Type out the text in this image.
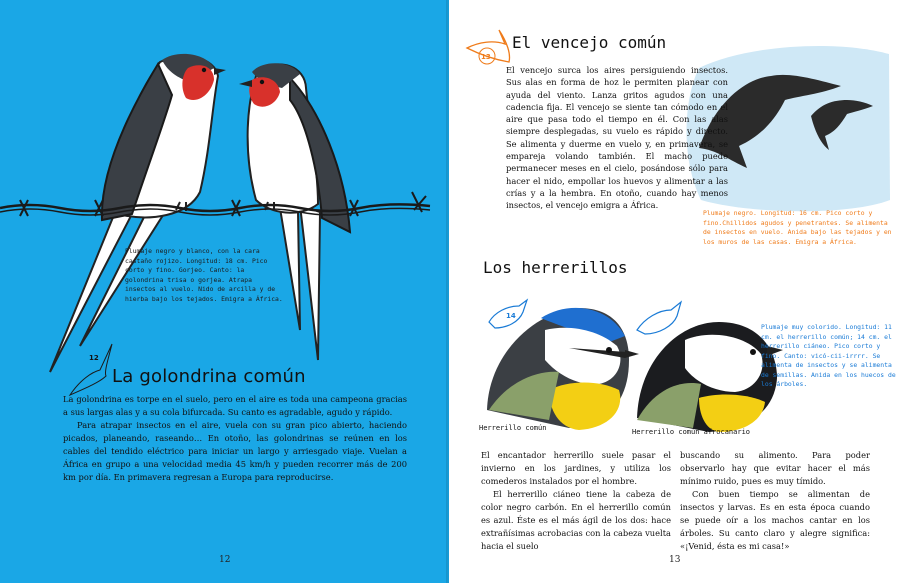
Plumaje negro y blanco, con la cara castaño rojizo. Longitud: 18 cm. Pico corto y fino. Gorjeo. Canto: la golondrina trisa o gorjea. Atrapa insectos al vuelo. Nido de arcilla y de hierba bajo los tejados. Emigra a África.
12
La golondrina común

La golondrina es torpe en el suelo, pero en el aire es toda una campeona gracias a sus largas alas y a su cola bifurcada. Su canto es agradable, agudo y rápido.

Para atrapar insectos en el aire, vuela con su gran pico abierto, haciendo picados, planeando, raseando… En otoño, las golondrinas se reúnen en los cables del tendido eléctrico para iniciar un largo y arriesgado viaje. Vuelan a África en grupo a una velocidad media 45 km/h y pueden recorrer más de 200 km por día. En primavera regresan a Europa para reproducirse.

12
13
El vencejo común

El vencejo surca los aires persiguiendo insectos. Sus alas en forma de hoz le permiten planear con ayuda del viento. Lanza gritos agudos con una cadencia fija. El vencejo se siente tan cómodo en el aire que pasa todo el tiempo en él. Con las alas siempre desplegadas, su vuelo es rápido y directo. Se alimenta y duerme en vuelo y, en primavera, se empareja volando también. El macho puede permanecer meses en el cielo, posándose sólo para hacer el nido, empollar los huevos y alimentar a las crías y a la hembra. En otoño, cuando hay menos insectos, el vencejo emigra a África.

Plumaje negro. Longitud: 16 cm. Pico corto y fino.Chillidos agudos y penetrantes. Se alimenta de insectos en vuelo. Anida bajo las tejados y en los muros de las casas. Emigra a África.
Los herrerillos
14
Plumaje muy colorido. Longitud: 11 cm. el herrerillo común; 14 cm. el herrerillo ciáneo. Pico corto y fino. Canto: vicó-cii-irrrr. Se alimenta de insectos y se alimenta de semillas. Anida en los huecos de los árboles.
Herrerillo común	Herrerillo común afrocanario

El encantador herrerillo suele pasar el invierno en los jardines, y utiliza los comederos instalados por el hombre.

El herrerillo ciáneo tiene la cabeza de color negro carbón. En el herrerillo común es azul. Éste es el más ágil de los dos: hace extrañísimas acrobacias con la cabeza vuelta hacia el suelo

buscando su alimento. Para poder observarlo hay que evitar hacer el más mínimo ruido, pues es muy tímido.

Con buen tiempo se alimentan de insectos y larvas. Es en esta época cuando se puede oír a los machos cantar en los árboles. Su canto claro y alegre significa: «¡Venid, ésta es mi casa!»

13
